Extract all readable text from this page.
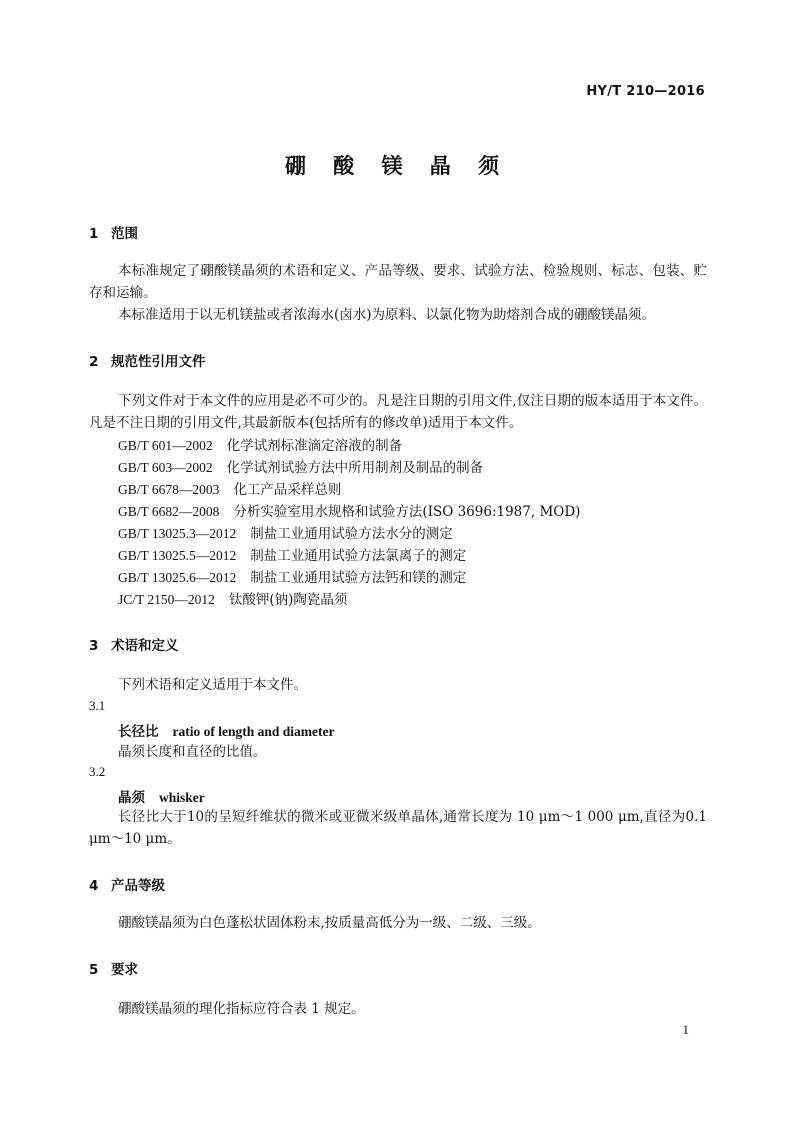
HY/T 210—2016
硼 酸 镁 晶 须
1 范围
本标准规定了硼酸镁晶须的术语和定义、产品等级、要求、试验方法、检验规则、标志、包装、贮存和运输。
本标准适用于以无机镁盐或者浓海水(卤水)为原料、以氯化物为助熔剂合成的硼酸镁晶须。
2 规范性引用文件
下列文件对于本文件的应用是必不可少的。凡是注日期的引用文件,仅注日期的版本适用于本文件。凡是不注日期的引用文件,其最新版本(包括所有的修改单)适用于本文件。
GB/T 601—2002 化学试剂标准滴定溶液的制备
GB/T 603—2002 化学试剂试验方法中所用制剂及制品的制备
GB/T 6678—2003 化工产品采样总则
GB/T 6682—2008 分析实验室用水规格和试验方法(ISO 3696:1987, MOD)
GB/T 13025.3—2012 制盐工业通用试验方法水分的测定
GB/T 13025.5—2012 制盐工业通用试验方法氯离子的测定
GB/T 13025.6—2012 制盐工业通用试验方法钙和镁的测定
JC/T 2150—2012 钛酸钾(钠)陶瓷晶须
3 术语和定义
下列术语和定义适用于本文件。
3.1
长径比 ratio of length and diameter
晶须长度和直径的比值。
3.2
晶须 whisker
长径比大于10的呈短纤维状的微米或亚微米级单晶体,通常长度为 10 μm～1 000 μm,直径为0.1 μm～10 μm。
4 产品等级
硼酸镁晶须为白色蓬松状固体粉末,按质量高低分为一级、二级、三级。
5 要求
硼酸镁晶须的理化指标应符合表 1 规定。
1
